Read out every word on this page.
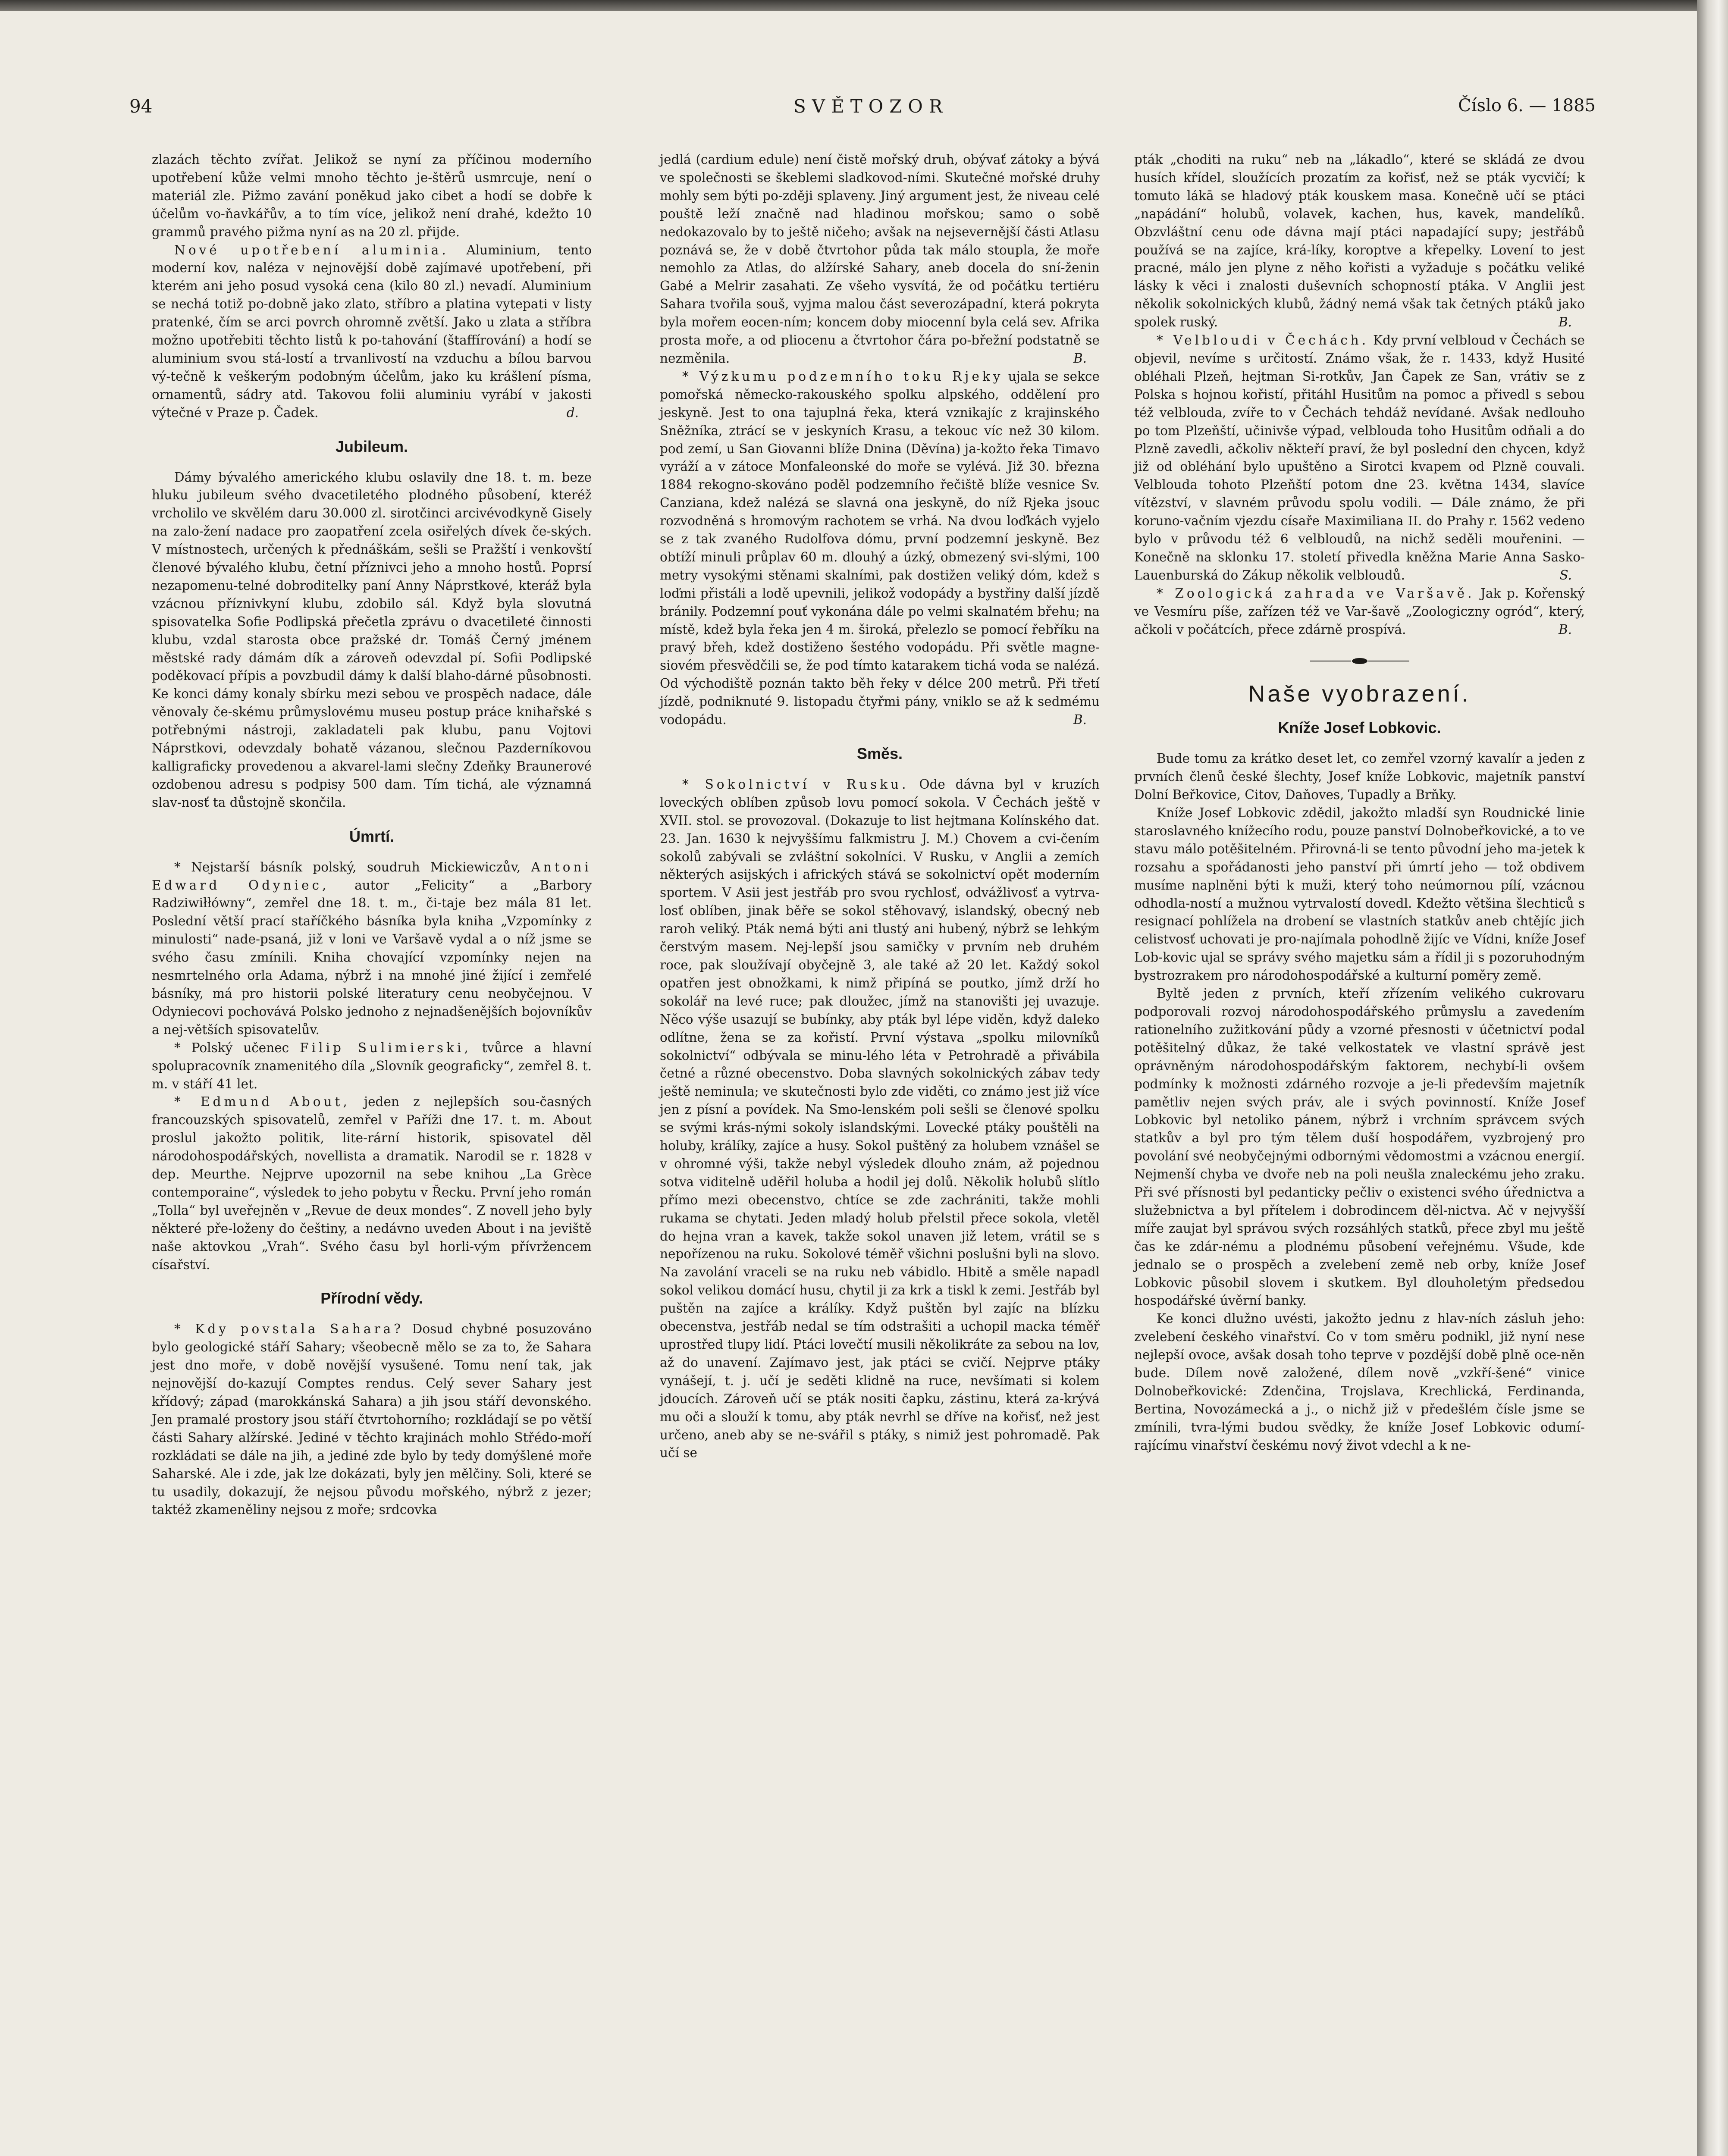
94	SVĚTOZOR	Číslo 6. — 1885

zlazách těchto zvířat. Jelikož se nyní za příčinou moderního upotřebení kůže velmi mnoho těchto je-štěrů usmrcuje, není o materiál zle. Pižmo zavání poněkud jako cibet a hodí se dobře k účelům vo-ňavkářův, a to tím více, jelikož není drahé, kdežto 10 grammů pravého pižma nyní as na 20 zl. přijde.

Nové upotřebení aluminia. Aluminium, tento moderní kov, naléza v nejnovější době zajímavé upotřebení, při kterém ani jeho posud vysoká cena (kilo 80 zl.) nevadí. Aluminium se nechá totiž po-dobně jako zlato, stříbro a platina vytepati v listy pratenké, čím se arci povrch ohromně zvětší. Jako u zlata a stříbra možno upotřebiti těchto listů k po-tahování (štaffírování) a hodí se aluminium svou stá-lostí a trvanlivostí na vzduchu a bílou barvou vý-tečně k veškerým podobným účelům, jako ku krášlení písma, ornamentů, sádry atd. Takovou folii aluminiu vyrábí v jakosti výtečné v Praze p. Čadek.	d.

Jubileum.

Dámy bývalého amerického klubu oslavily dne 18. t. m. beze hluku jubileum svého dvacetiletého plodného působení, kteréž vrcholilo ve skvělém daru 30.000 zl. sirotčinci arcivévodkyně Gisely na zalo-žení nadace pro zaopatření zcela osiřelých dívek če-ských. V místnostech, určených k přednáškám, sešli se Pražští i venkovští členové bývalého klubu, četní příznivci jeho a mnoho hostů. Poprsí nezapomenu-telné dobroditelky paní Anny Náprstkové, kteráž byla vzácnou příznivkyní klubu, zdobilo sál. Když byla slovutná spisovatelka Sofie Podlipská přečetla zprávu o dvacetileté činnosti klubu, vzdal starosta obce pražské dr. Tomáš Černý jménem městské rady dámám dík a zároveň odevzdal pí. Sofii Podlipské poděkovací přípis a povzbudil dámy k další blaho-dárné působnosti. Ke konci dámy konaly sbírku mezi sebou ve prospěch nadace, dále věnovaly če-skému průmyslovému museu postup práce knihařské s potřebnými nástroji, zakladateli pak klubu, panu Vojtovi Náprstkovi, odevzdaly bohatě vázanou, slečnou Pazderníkovou kalligraficky provedenou a akvarel-lami slečny Zdeňky Braunerové ozdobenou adresu s podpisy 500 dam. Tím tichá, ale významná slav-nosť ta důstojně skončila.

Úmrtí.

* Nejstarší básník polský, soudruh Mickiewiczův, Antoni Edward Odyniec, autor „Felicity“ a „Barbory Radziwiłłówny“, zemřel dne 18. t. m., či-taje bez mála 81 let. Poslední větší prací staříčkého básníka byla kniha „Vzpomínky z minulosti“ nade-psaná, již v loni ve Varšavě vydal a o níž jsme se svého času zmínili. Kniha chovající vzpomínky nejen na nesmrtelného orla Adama, nýbrž i na mnohé jiné žijící i zemřelé básníky, má pro historii polské literatury cenu neobyčejnou. V Odyniecovi pochovává Polsko jednoho z nejnadšenějších bojovníkův a nej-větších spisovatelův.

* Polský učenec Filip Sulimierski, tvůrce a hlavní spolupracovník znamenitého díla „Slovník geograficky“, zemřel 8. t. m. v stáří 41 let.

* Edmund About, jeden z nejlepších sou-časných francouzských spisovatelů, zemřel v Paříži dne 17. t. m. About proslul jakožto politik, lite-rární historik, spisovatel děl národohospodářských, novellista a dramatik. Narodil se r. 1828 v dep. Meurthe. Nejprve upozornil na sebe knihou „La Grèce contemporaine“, výsledek to jeho pobytu v Řecku. První jeho román „Tolla“ byl uveřejněn v „Revue de deux mondes“. Z novell jeho byly některé pře-loženy do češtiny, a nedávno uveden About i na jeviště naše aktovkou „Vrah“. Svého času byl horli-vým přívržencem císařství.

Přírodní vědy.

* Kdy povstala Sahara? Dosud chybné posuzováno bylo geologické stáří Sahary; všeobecně mělo se za to, že Sahara jest dno moře, v době novější vysušené. Tomu není tak, jak nejnovější do-kazují Comptes rendus. Celý sever Sahary jest křídový; západ (marokkánská Sahara) a jih jsou stáří devonského. Jen pramalé prostory jsou stáří čtvrtohorního; rozkládají se po větší části Sahary alžírské. Jediné v těchto krajinách mohlo Střédo-moří rozkládati se dále na jih, a jediné zde bylo by tedy domýšlené moře Saharské. Ale i zde, jak lze dokázati, byly jen mělčiny. Soli, které se tu usadily, dokazují, že nejsou původu mořského, nýbrž z jezer; taktéž zkameněliny nejsou z moře; srdcovka

jedlá (cardium edule) není čistě mořský druh, obývať zátoky a bývá ve společnosti se škeblemi sladkovod-ními. Skutečné mořské druhy mohly sem býti po-zději splaveny. Jiný argument jest, že niveau celé pouště leží značně nad hladinou mořskou; samo o sobě nedokazovalo by to ještě ničeho; avšak na nejsevernější části Atlasu poznává se, že v době čtvrtohor půda tak málo stoupla, že moře nemohlo za Atlas, do alžírské Sahary, aneb docela do sní-ženin Gabé a Melrir zasahati. Ze všeho vysvítá, že od počátku tertiéru Sahara tvořila souš, vyjma malou část severozápadní, která pokryta byla mořem eocen-ním; koncem doby miocenní byla celá sev. Afrika prosta moře, a od pliocenu a čtvrtohor čára po-břežní podstatně se nezměnila.	B.

* Výzkumu podzemního toku Rjeky ujala se sekce pomořská německo-rakouského spolku alpského, oddělení pro jeskyně. Jest to ona tajuplná řeka, která vznikajíc z krajinského Sněžníka, ztrácí se v jeskyních Krasu, a tekouc víc než 30 kilom. pod zemí, u San Giovanni blíže Dnina (Děvína) ja-kožto řeka Timavo vyráží a v zátoce Monfaleonské do moře se vylévá. Již 30. března 1884 rekogno-skováno poděl podzemního řečiště blíže vesnice Sv. Canziana, kdež nalézá se slavná ona jeskyně, do níž Rjeka jsouc rozvodněná s hromovým rachotem se vrhá. Na dvou loďkách vyjelo se z tak zvaného Rudolfova dómu, první podzemní jeskyně. Bez obtíží minuli průplav 60 m. dlouhý a úzký, obmezený svi-slými, 100 metry vysokými stěnami skalními, pak dostižen veliký dóm, kdež s loďmi přistáli a lodě upevnili, jelikož vodopády a bystřiny další jízdě bránily. Podzemní pouť vykonána dále po velmi skalnatém břehu; na místě, kdež byla řeka jen 4 m. široká, přelezlo se pomocí řebříku na pravý břeh, kdež dostiženo šestého vodopádu. Při světle magne-siovém přesvědčili se, že pod tímto katarakem tichá voda se nalézá. Od východiště poznán takto běh řeky v délce 200 metrů. Při třetí jízdě, podniknuté 9. listopadu čtyřmi pány, vniklo se až k sedmému vodopádu.	B.

Směs.

* Sokolnictví v Rusku. Ode dávna byl v kruzích loveckých oblíben způsob lovu pomocí sokola. V Čechách ještě v XVII. stol. se provozoval. (Dokazuje to list hejtmana Kolínského dat. 23. Jan. 1630 k nejvyššímu falkmistru J. M.) Chovem a cvi-čením sokolů zabývali se zvláštní sokolníci. V Rusku, v Anglii a zemích některých asijských i afrických stává se sokolnictví opět moderním sportem. V Asii jest jestřáb pro svou rychlosť, odvážlivosť a vytrva-losť oblíben, jinak běře se sokol stěhovavý, islandský, obecný neb raroh veliký. Pták nemá býti ani tlustý ani hubený, nýbrž se lehkým čerstvým masem. Nej-lepší jsou samičky v prvním neb druhém roce, pak sloužívají obyčejně 3, ale také až 20 let. Každý sokol opatřen jest obnožkami, k nimž připíná se poutko, jímž drží ho sokolář na levé ruce; pak dloužec, jímž na stanovišti jej uvazuje. Něco výše usazují se bubínky, aby pták byl lépe viděn, když daleko odlítne, žena se za kořistí. První výstava „spolku milovníků sokolnictví“ odbývala se minu-lého léta v Petrohradě a přivábila četné a různé obecenstvo. Doba slavných sokolnických zábav tedy ještě neminula; ve skutečnosti bylo zde viděti, co známo jest již více jen z písní a povídek. Na Smo-lenském poli sešli se členové spolku se svými krás-nými sokoly islandskými. Lovecké ptáky pouštěli na holuby, králíky, zajíce a husy. Sokol puštěný za holubem vznášel se v ohromné výši, takže nebyl výsledek dlouho znám, až pojednou sotva viditelně uděřil holuba a hodil jej dolů. Několik holubů slítlo přímo mezi obecenstvo, chtíce se zde zachrániti, takže mohli rukama se chytati. Jeden mladý holub přelstil přece sokola, vletěl do hejna vran a kavek, takže sokol unaven již letem, vrátil se s nepořízenou na ruku. Sokolové téměř všichni poslušni byli na slovo. Na zavolání vraceli se na ruku neb vábidlo. Hbitě a směle napadl sokol velikou domácí husu, chytil ji za krk a tiskl k zemi. Jestřáb byl puštěn na zajíce a králíky. Když puštěn byl zajíc na blízku obecenstva, jestřáb nedal se tím odstrašiti a uchopil macka téměř uprostřed tlupy lidí. Ptáci lovečtí musili několikráte za sebou na lov, až do unavení. Zajímavo jest, jak ptáci se cvičí. Nejprve ptáky vynášejí, t. j. učí je seděti klidně na ruce, nevšímati si kolem jdoucích. Zároveň učí se pták nositi čapku, zástinu, která za-krývá mu oči a slouží k tomu, aby pták nevrhl se dříve na kořisť, než jest určeno, aneb aby se ne-svářil s ptáky, s nimiž jest pohromadě. Pak učí se

pták „choditi na ruku“ neb na „lákadlo“, které se skládá ze dvou husích křídel, sloužících prozatím za kořisť, než se pták vycvičí; k tomuto lákā se hladový pták kouskem masa. Konečně učí se ptáci „napádání“ holubů, volavek, kachen, hus, kavek, mandelíků. Obzvláštní cenu ode dávna mají ptáci napadající supy; jestřábů používá se na zajíce, krá-líky, koroptve a křepelky. Lovení to jest pracné, málo jen plyne z něho kořisti a vyžaduje s počátku veliké lásky k věci i znalosti duševních schopností ptáka. V Anglii jest několik sokolnických klubů, žádný nemá však tak četných ptáků jako spolek ruský.	B.

* Velbloudi v Čechách. Kdy první velbloud v Čechách se objevil, nevíme s určitostí. Známo však, že r. 1433, když Husité obléhali Plzeň, hejtman Si-rotkův, Jan Čapek ze San, vrátiv se z Polska s hojnou kořistí, přitáhl Husitům na pomoc a přivedl s sebou též velblouda, zvíře to v Čechách tehdáž nevídané. Avšak nedlouho po tom Plzeňští, učinivše výpad, velblouda toho Husitům odňali a do Plzně zavedli, ačkoliv někteří praví, že byl poslední den chycen, když již od obléhání bylo upuštěno a Sirotci kvapem od Plzně couvali. Velblouda tohoto Plzeňští potom dne 23. května 1434, slavíce vítězství, v slavném průvodu spolu vodili. — Dále známo, že při koruno-vačním vjezdu císaře Maximiliana II. do Prahy r. 1562 vedeno bylo v průvodu též 6 velbloudů, na nichž seděli mouřenini. — Konečně na sklonku 17. století přivedla kněžna Marie Anna Sasko-Lauenburská do Zákup několik velbloudů.	S.

* Zoologická zahrada ve Varšavě. Jak p. Kořenský ve Vesmíru píše, zařízen též ve Var-šavě „Zoologiczny ogród“, který, ačkoli v počátcích, přece zdárně prospívá.	B.

Naše vyobrazení.
Kníže Josef Lobkovic.

Bude tomu za krátko deset let, co zemřel vzorný kavalír a jeden z prvních členů české šlechty, Josef kníže Lobkovic, majetník panství Dolní Beřkovice, Citov, Daňoves, Tupadly a Brňky.

Kníže Josef Lobkovic zdědil, jakožto mladší syn Roudnické linie staroslavného knížecího rodu, pouze panství Dolnobeřkovické, a to ve stavu málo potěšitelném. Přirovná-li se tento původní jeho ma-jetek k rozsahu a spořádanosti jeho panství při úmrtí jeho — tož obdivem musíme naplněni býti k muži, který toho neúmornou pílí, vzácnou odhodla-ností a mužnou vytrvalostí dovedl. Kdežto většina šlechticů s resignací pohlížela na drobení se vlastních statkův aneb chtějíc jich celistvosť uchovati je pro-najímala pohodlně žijíc ve Vídni, kníže Josef Lob-kovic ujal se správy svého majetku sám a řídil ji s pozoruhodným bystrozrakem pro národohospodářské a kulturní poměry země.

Byltě jeden z prvních, kteří zřízením velikého cukrovaru podporovali rozvoj národohospodářského průmyslu a zavedením rationelního zužitkování půdy a vzorné přesnosti v účetnictví podal potěšitelný důkaz, že také velkostatek ve vlastní správě jest oprávněným národohospodářským faktorem, nechybí-li ovšem podmínky k možnosti zdárného rozvoje a je-li především majetník pamětliv nejen svých práv, ale i svých povinností. Kníže Josef Lobkovic byl netoliko pánem, nýbrž i vrchním správcem svých statkův a byl pro tým tělem duší hospodářem, vyzbrojený pro povolání své neobyčejnými odbornými vědomostmi a vzácnou energií. Nejmenší chyba ve dvoře neb na poli neušla znaleckému jeho zraku. Při své přísnosti byl pedanticky pečliv o existenci svého úřednictva a služebnictva a byl přítelem i dobrodincem děl-nictva. Ač v nejvyšší míře zaujat byl správou svých rozsáhlých statků, přece zbyl mu ještě čas ke zdár-nému a plodnému působení veřejnému. Všude, kde jednalo se o prospěch a zvelebení země neb orby, kníže Josef Lobkovic působil slovem i skutkem. Byl dlouholetým předsedou hospodářské úvěrní banky.

Ke konci dlužno uvésti, jakožto jednu z hlav-ních zásluh jeho: zvelebení českého vinařství. Co v tom směru podnikl, již nyní nese nejlepší ovoce, avšak dosah toho teprve v pozdější době plně oce-něn bude. Dílem nově založené, dílem nově „vzkří-šené“ vinice Dolnobeřkovické: Zdenčina, Trojslava, Krechlická, Ferdinanda, Bertina, Novozámecká a j., o nichž již v předešlém čísle jsme se zmínili, tvra-lými budou svědky, že kníže Josef Lobkovic odumí-rajícímu vinařství českému nový život vdechl a k ne-
